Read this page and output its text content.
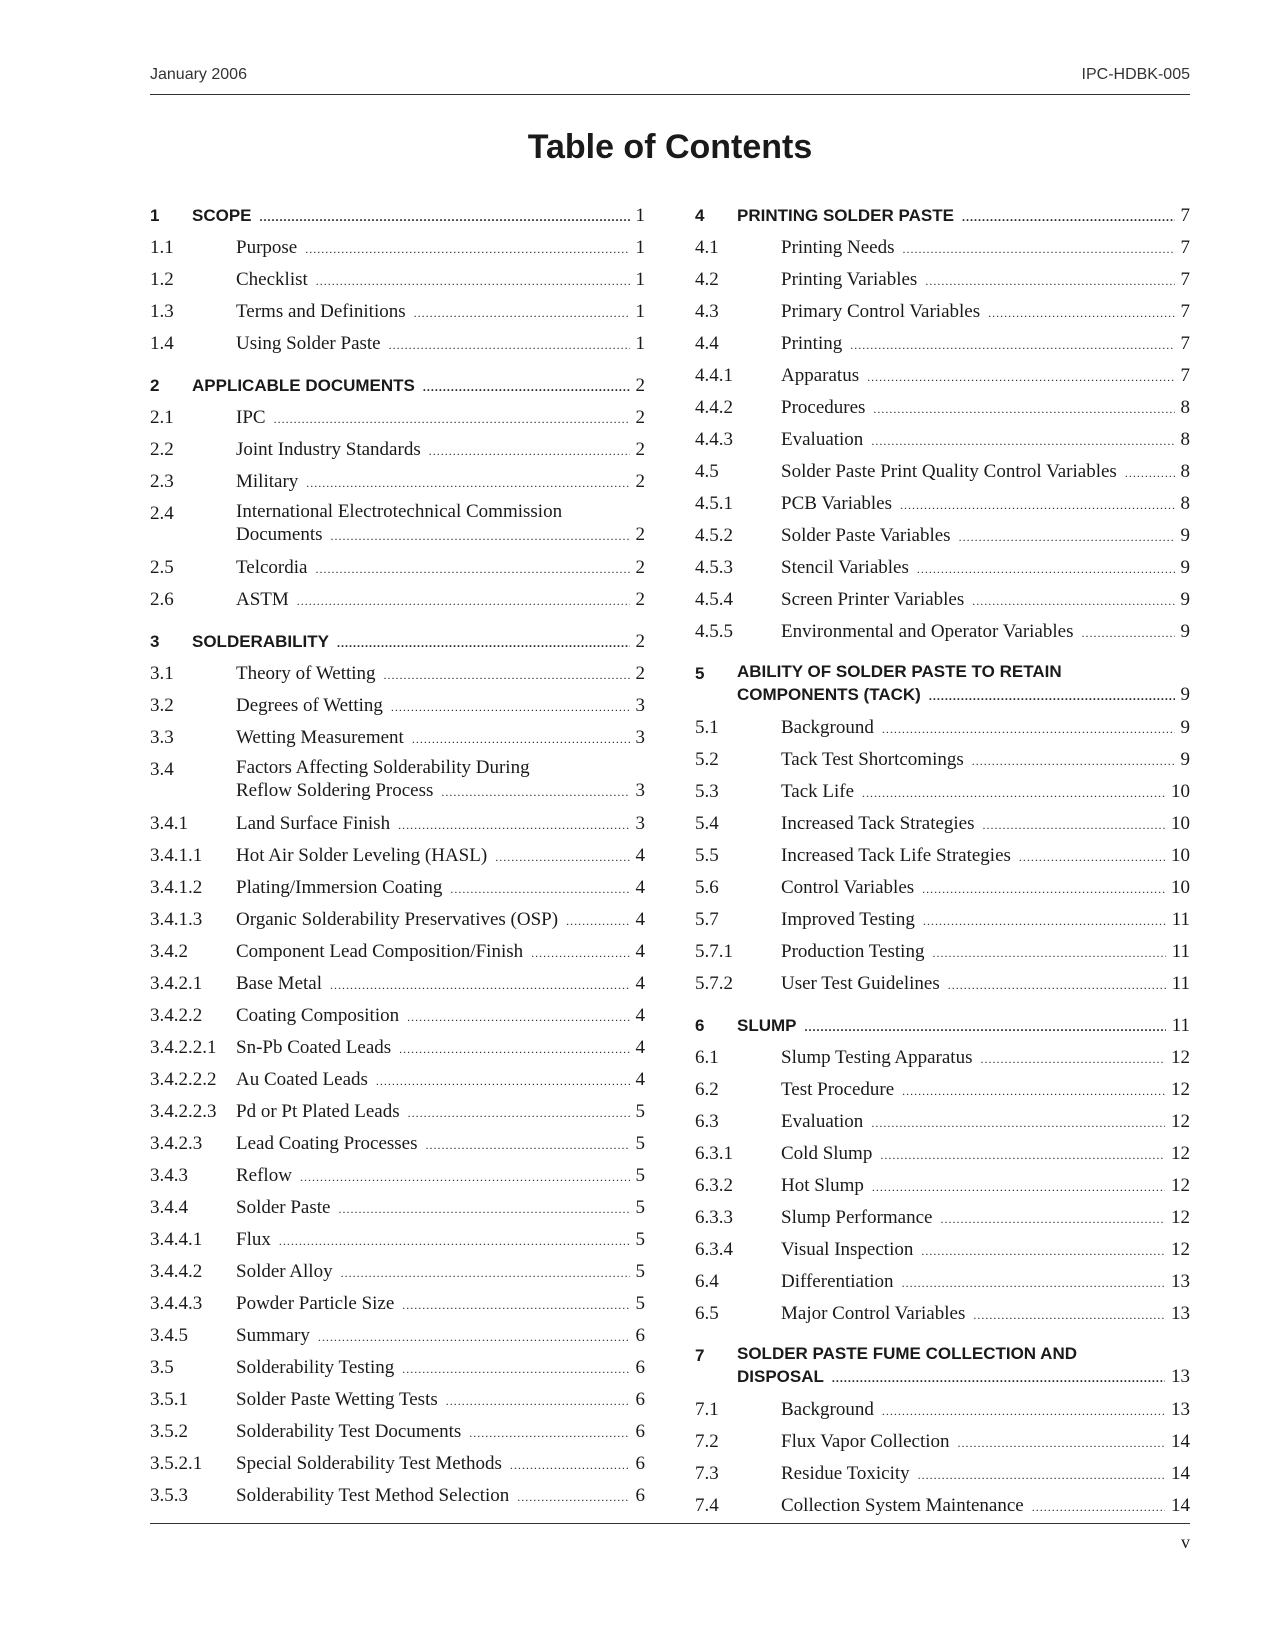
January 2006	IPC-HDBK-005
Table of Contents
1 SCOPE .....	1
1.1	Purpose .....	1
1.2	Checklist .....	1
1.3	Terms and Definitions .....	1
1.4	Using Solder Paste .....	1
2 APPLICABLE DOCUMENTS .....	2
2.1	IPC .....	2
2.2	Joint Industry Standards .....	2
2.3	Military .....	2
2.4	International Electrotechnical Commission
Documents .....	2
2.5	Telcordia .....	2
2.6	ASTM .....	2
3 SOLDERABILITY .....	2
3.1	Theory of Wetting .....	2
3.2	Degrees of Wetting .....	3
3.3	Wetting Measurement .....	3
3.4	Factors Affecting Solderability During
Reflow Soldering Process .....	3
3.4.1	Land Surface Finish .....	3
3.4.1.1 Hot Air Solder Leveling (HASL) .....	4
3.4.1.2 Plating/Immersion Coating .....	4
3.4.1.3 Organic Solderability Preservatives (OSP) .....	4
3.4.2	Component Lead Composition/Finish .....	4
3.4.2.1 Base Metal .....	4
3.4.2.2 Coating Composition .....	4
3.4.2.2.1 Sn-Pb Coated Leads .....	4
3.4.2.2.2 Au Coated Leads .....	4
3.4.2.2.3 Pd or Pt Plated Leads .....	5
3.4.2.3 Lead Coating Processes .....	5
3.4.3	Reflow .....	5
3.4.4	Solder Paste .....	5
3.4.4.1 Flux .....	5
3.4.4.2 Solder Alloy .....	5
3.4.4.3 Powder Particle Size .....	5
3.4.5	Summary .....	6
3.5	Solderability Testing .....	6
3.5.1	Solder Paste Wetting Tests .....	6
3.5.2	Solderability Test Documents .....	6
3.5.2.1 Special Solderability Test Methods .....	6
3.5.3	Solderability Test Method Selection .....	6
4 PRINTING SOLDER PASTE .....	7
4.1	Printing Needs .....	7
4.2	Printing Variables .....	7
4.3	Primary Control Variables .....	7
4.4	Printing .....	7
4.4.1	Apparatus .....	7
4.4.2	Procedures .....	8
4.4.3	Evaluation .....	8
4.5	Solder Paste Print Quality Control Variables .....	8
4.5.1	PCB Variables .....	8
4.5.2	Solder Paste Variables .....	9
4.5.3	Stencil Variables .....	9
4.5.4	Screen Printer Variables .....	9
4.5.5	Environmental and Operator Variables .....	9
5 ABILITY OF SOLDER PASTE TO RETAIN
COMPONENTS (TACK) .....	9
5.1	Background .....	9
5.2	Tack Test Shortcomings .....	9
5.3	Tack Life .....	10
5.4	Increased Tack Strategies .....	10
5.5	Increased Tack Life Strategies .....	10
5.6	Control Variables .....	10
5.7	Improved Testing .....	11
5.7.1	Production Testing .....	11
5.7.2	User Test Guidelines .....	11
6 SLUMP .....	11
6.1	Slump Testing Apparatus .....	12
6.2	Test Procedure .....	12
6.3	Evaluation .....	12
6.3.1	Cold Slump .....	12
6.3.2	Hot Slump .....	12
6.3.3	Slump Performance .....	12
6.3.4	Visual Inspection .....	12
6.4	Differentiation .....	13
6.5	Major Control Variables .....	13
7 SOLDER PASTE FUME COLLECTION AND
DISPOSAL .....	13
7.1	Background .....	13
7.2	Flux Vapor Collection .....	14
7.3	Residue Toxicity .....	14
7.4	Collection System Maintenance .....	14
v
